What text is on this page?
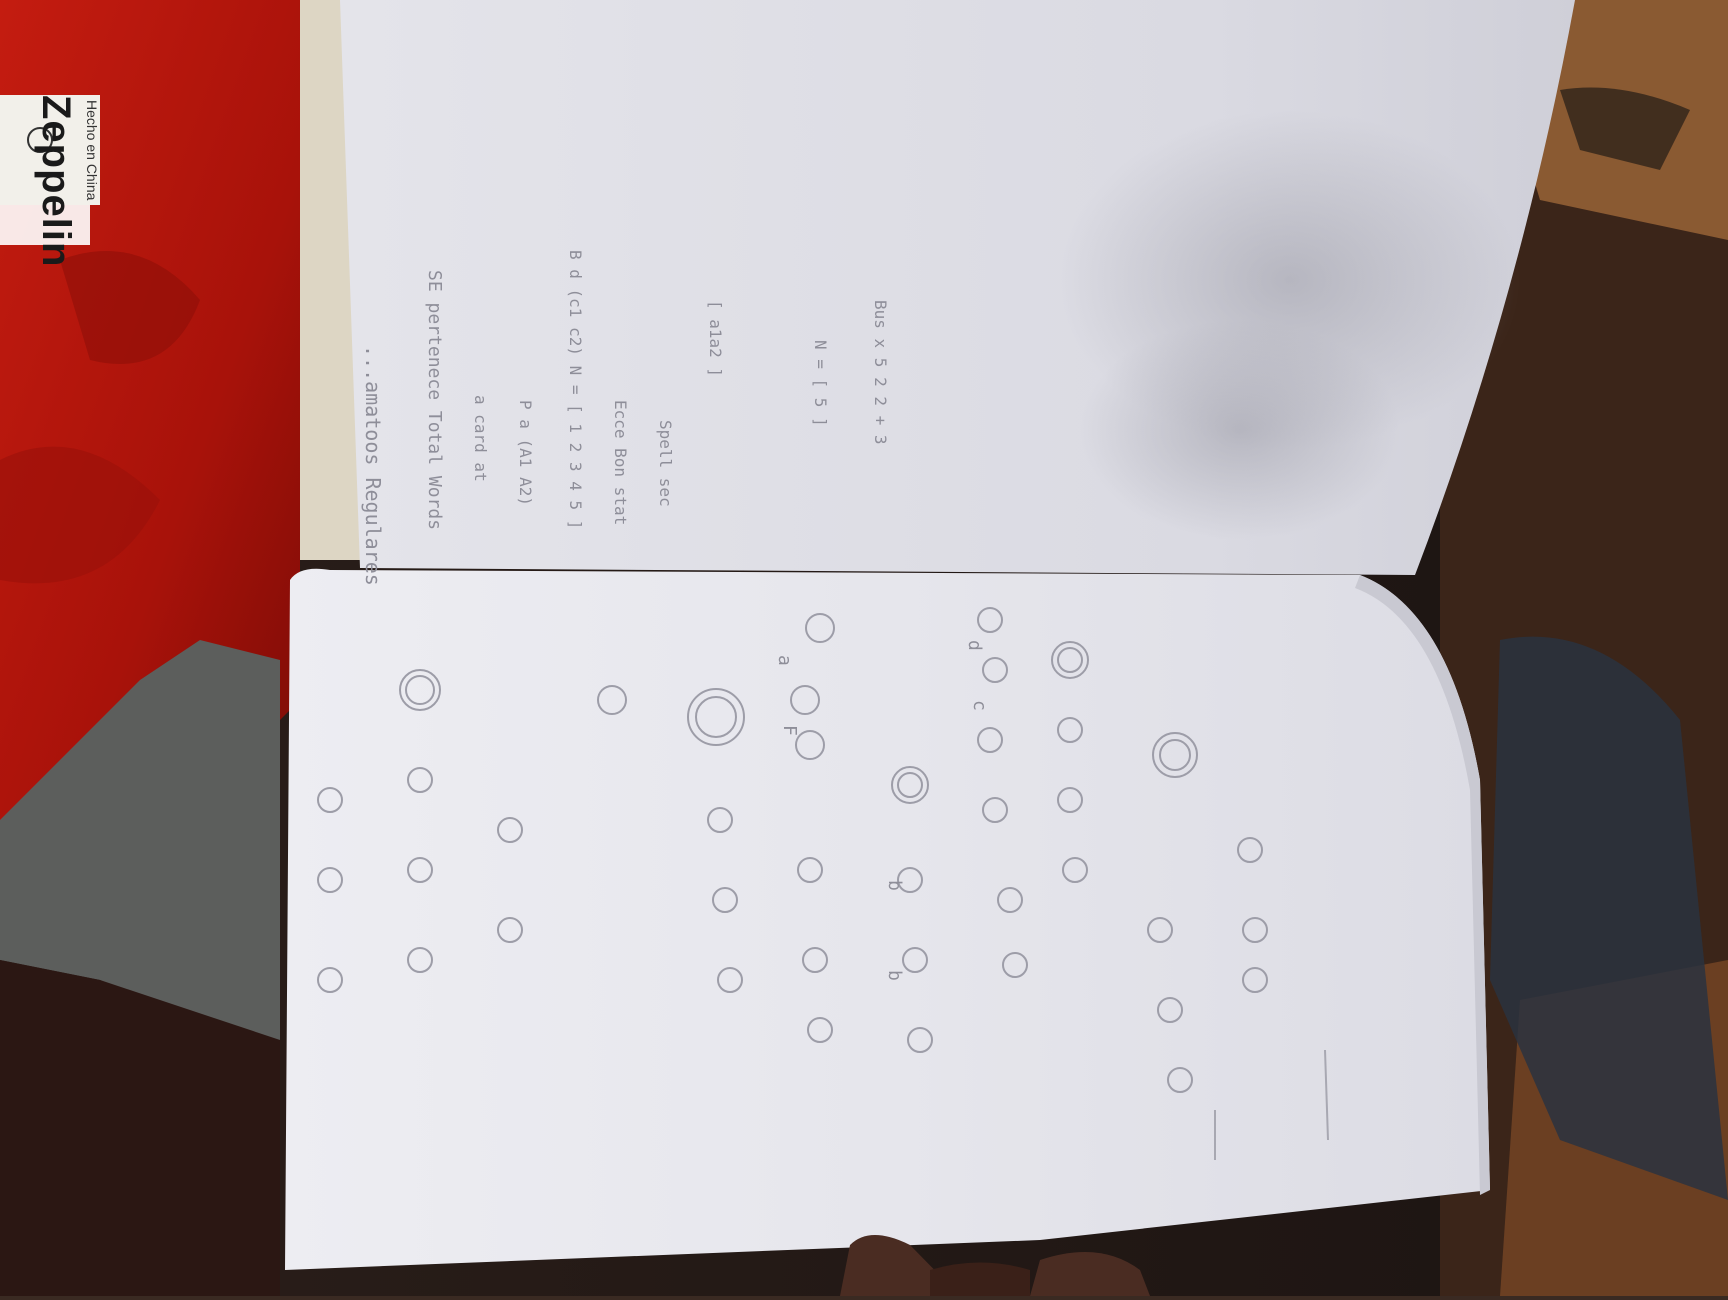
Zeppelin Hecho en China
...amatoos Regulares SE pertenece Total Words a card at P a (A1 A2) B d (c1 c2) N = [ 1 2 3 4 5 ] Ecce Bon stat Spell sec
[ a1a2 ]
N = [ 5 ]	Bus x 5 2 2 + 3
F
a
c
d
b
b
